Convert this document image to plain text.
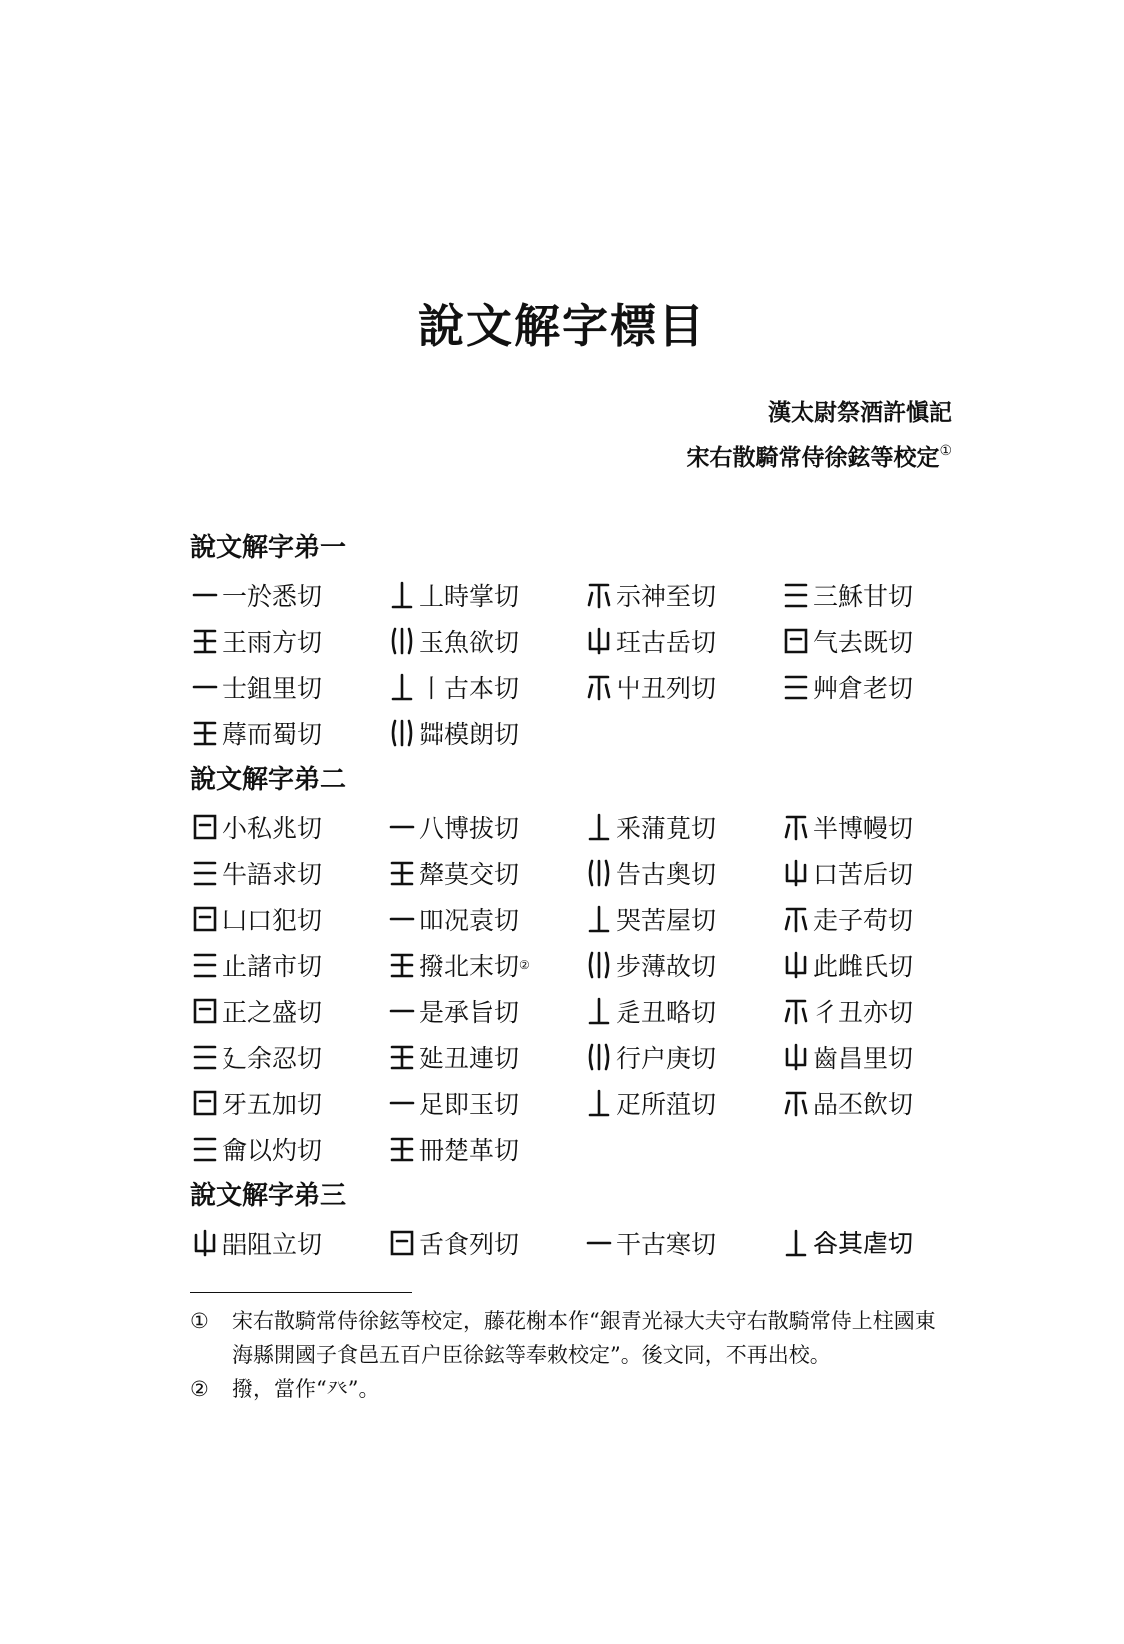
說文解字標目
漢太尉祭酒許愼記
宋右散騎常侍徐鉉等校定①
說文解字弟一
一於悉切	丄時掌切	示神至切	三穌甘切
王雨方切	玉魚欲切	玨古岳切	气去既切
士鉏里切	丨古本切	屮丑列切	艸倉老切
蓐而蜀切	茻模朗切
說文解字弟二
小私兆切	八博拔切	釆蒲莧切	半博幔切
牛語求切	犛莫交切	告古奥切	口苦后切
凵口犯切	吅况袁切	哭苦屋切	走子苟切
止諸市切	撥北末切 ②	步薄故切	此雌氏切
正之盛切	是承旨切	辵丑略切	彳丑亦切
廴余忍切	㢟丑連切	行户庚切	齒昌里切
牙五加切	足即玉切	疋所菹切	品丕飲切
龠以灼切	冊楚革切
說文解字弟三
㗊阻立切	舌食列切	干古寒切	𧮫其虐切
①	宋右散騎常侍徐鉉等校定，藤花榭本作“銀青光禄大夫守右散騎常侍上柱國東海縣開國子食邑五百户臣徐鉉等奉敕校定”。後文同，不再出校。
②	撥，當作“癶”。
